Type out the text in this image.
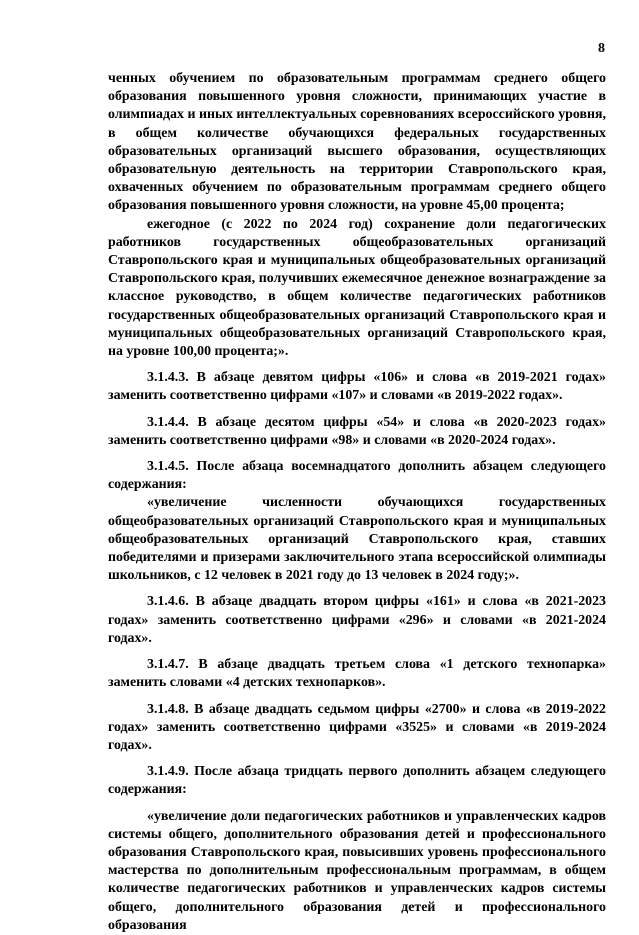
8

ченных обучением по образовательным программам среднего общего образования повышенного уровня сложности, принимающих участие в олимпиадах и иных интеллектуальных соревнованиях всероссийского уровня, в общем количестве обучающихся федеральных государственных образовательных организаций высшего образования, осуществляющих образовательную деятельность на территории Ставропольского края, охваченных обучением по образовательным программам среднего общего образования повышенного уровня сложности, на уровне 45,00 процента;

ежегодное (с 2022 по 2024 год) сохранение доли педагогических работников государственных общеобразовательных организаций Ставропольского края и муниципальных общеобразовательных организаций Ставропольского края, получивших ежемесячное денежное вознаграждение за классное руководство, в общем количестве педагогических работников государственных общеобразовательных организаций Ставропольского края и муниципальных общеобразовательных организаций Ставропольского края, на уровне 100,00 процента;».

3.1.4.3. В абзаце девятом цифры «106» и слова «в 2019-2021 годах» заменить соответственно цифрами «107» и словами «в 2019-2022 годах».

3.1.4.4. В абзаце десятом цифры «54» и слова «в 2020-2023 годах» заменить соответственно цифрами «98» и словами «в 2020-2024 годах».

3.1.4.5. После абзаца восемнадцатого дополнить абзацем следующего содержания:

«увеличение численности обучающихся государственных общеобразовательных организаций Ставропольского края и муниципальных общеобразовательных организаций Ставропольского края, ставших победителями и призерами заключительного этапа всероссийской олимпиады школьников, с 12 человек в 2021 году до 13 человек в 2024 году;».

3.1.4.6. В абзаце двадцать втором цифры «161» и слова «в 2021-2023 годах» заменить соответственно цифрами «296» и словами «в 2021-2024 годах».

3.1.4.7. В абзаце двадцать третьем слова «1 детского технопарка» заменить словами «4 детских технопарков».

3.1.4.8. В абзаце двадцать седьмом цифры «2700» и слова «в 2019-2022 годах» заменить соответственно цифрами «3525» и словами «в 2019-2024 годах».

3.1.4.9. После абзаца тридцать первого дополнить абзацем следующего содержания:

«увеличение доли педагогических работников и управленческих кадров системы общего, дополнительного образования детей и профессионального образования Ставропольского края, повысивших уровень профессионального мастерства по дополнительным профессиональным программам, в общем количестве педагогических работников и управленческих кадров системы общего, дополнительного образования детей и профессионального образования
